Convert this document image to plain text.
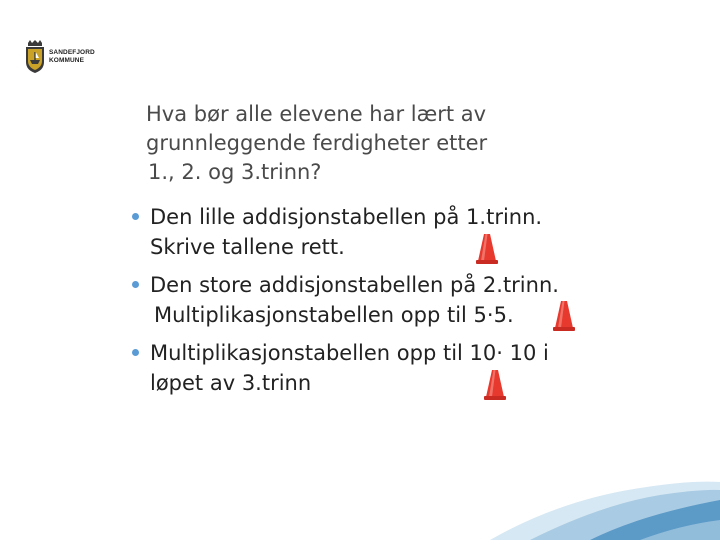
SANDEFJORD
KOMMUNE
Hva bør alle elevene har lært av
grunnleggende ferdigheter etter
1., 2. og 3.trinn?
Den lille addisjonstabellen på 1.trinn.
Skrive tallene rett.
Den store addisjonstabellen på 2.trinn.
Multiplikasjonstabellen opp til 5·5.
Multiplikasjonstabellen opp til 10· 10 i
løpet av 3.trinn
